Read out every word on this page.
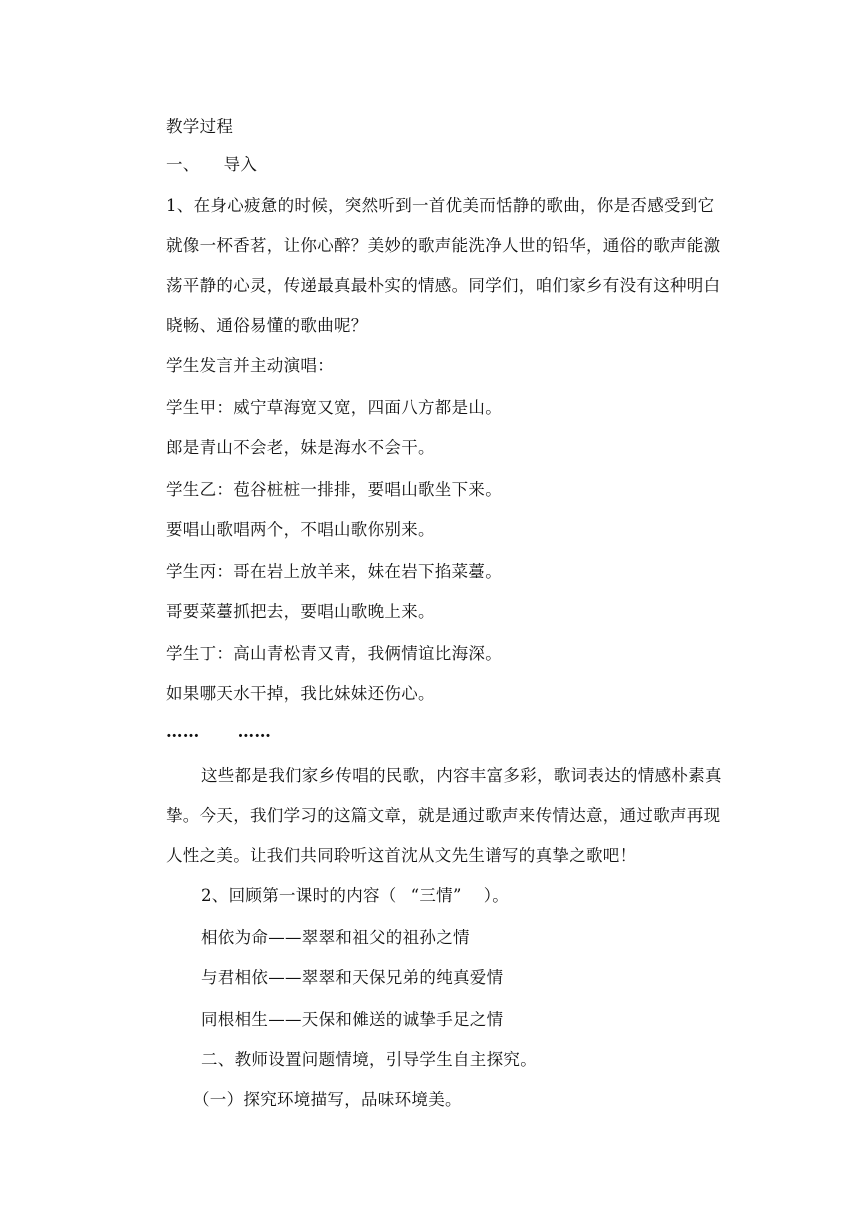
教学过程
一、 导入
1、在身心疲惫的时候，突然听到一首优美而恬静的歌曲，你是否感受到它
就像一杯香茗，让你心醉？美妙的歌声能洗净人世的铅华，通俗的歌声能激
荡平静的心灵，传递最真最朴实的情感。同学们，咱们家乡有没有这种明白
晓畅、通俗易懂的歌曲呢？
学生发言并主动演唱：
学生甲：威宁草海宽又宽，四面八方都是山。
郎是青山不会老，妹是海水不会干。
学生乙：苞谷桩桩一排排，要唱山歌坐下来。
要唱山歌唱两个，不唱山歌你别来。
学生丙：哥在岩上放羊来，妹在岩下掐菜薹。
哥要菜薹抓把去，要唱山歌晚上来。
学生丁：高山青松青又青，我俩情谊比海深。
如果哪天水干掉，我比妹妹还伤心。
…… ……
这些都是我们家乡传唱的民歌，内容丰富多彩，歌词表达的情感朴素真
挚。今天，我们学习的这篇文章，就是通过歌声来传情达意，通过歌声再现
人性之美。让我们共同聆听这首沈从文先生谱写的真挚之歌吧！
2、回顾第一课时的内容（ “三情” ）。
相依为命——翠翠和祖父的祖孙之情
与君相依——翠翠和天保兄弟的纯真爱情
同根相生——天保和傩送的诚挚手足之情
二、教师设置问题情境，引导学生自主探究。
（一）探究环境描写，品味环境美。
